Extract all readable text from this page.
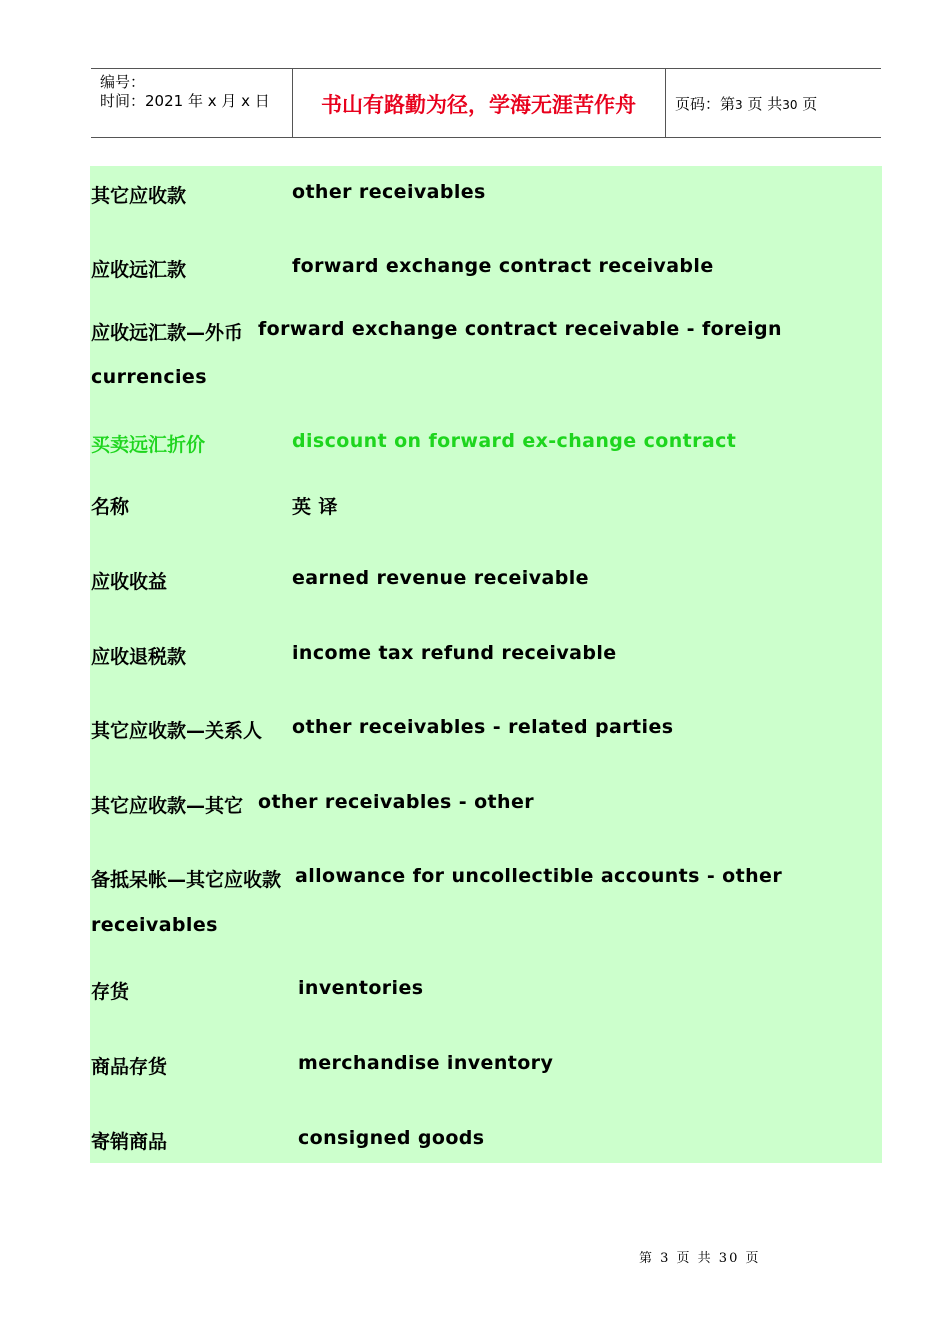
编号：
时间：2021 年 x 月 x 日	书山有路勤为径，学海无涯苦作舟	页码：第3 页 共30 页
其它应收款	other receivables
应收远汇款	forward exchange contract receivable
应收远汇款—外币 forward exchange contract receivable - foreign
currencies
买卖远汇折价	discount on forward ex-change contract
名称	英 译
应收收益	earned revenue receivable
应收退税款	income tax refund receivable
其它应收款—关系人 other receivables - related parties
其它应收款—其它 other receivables - other
备抵呆帐—其它应收款 allowance for uncollectible accounts - other
receivables
存货	inventories
商品存货	merchandise inventory
寄销商品	consigned goods
第 3 页 共 30 页
